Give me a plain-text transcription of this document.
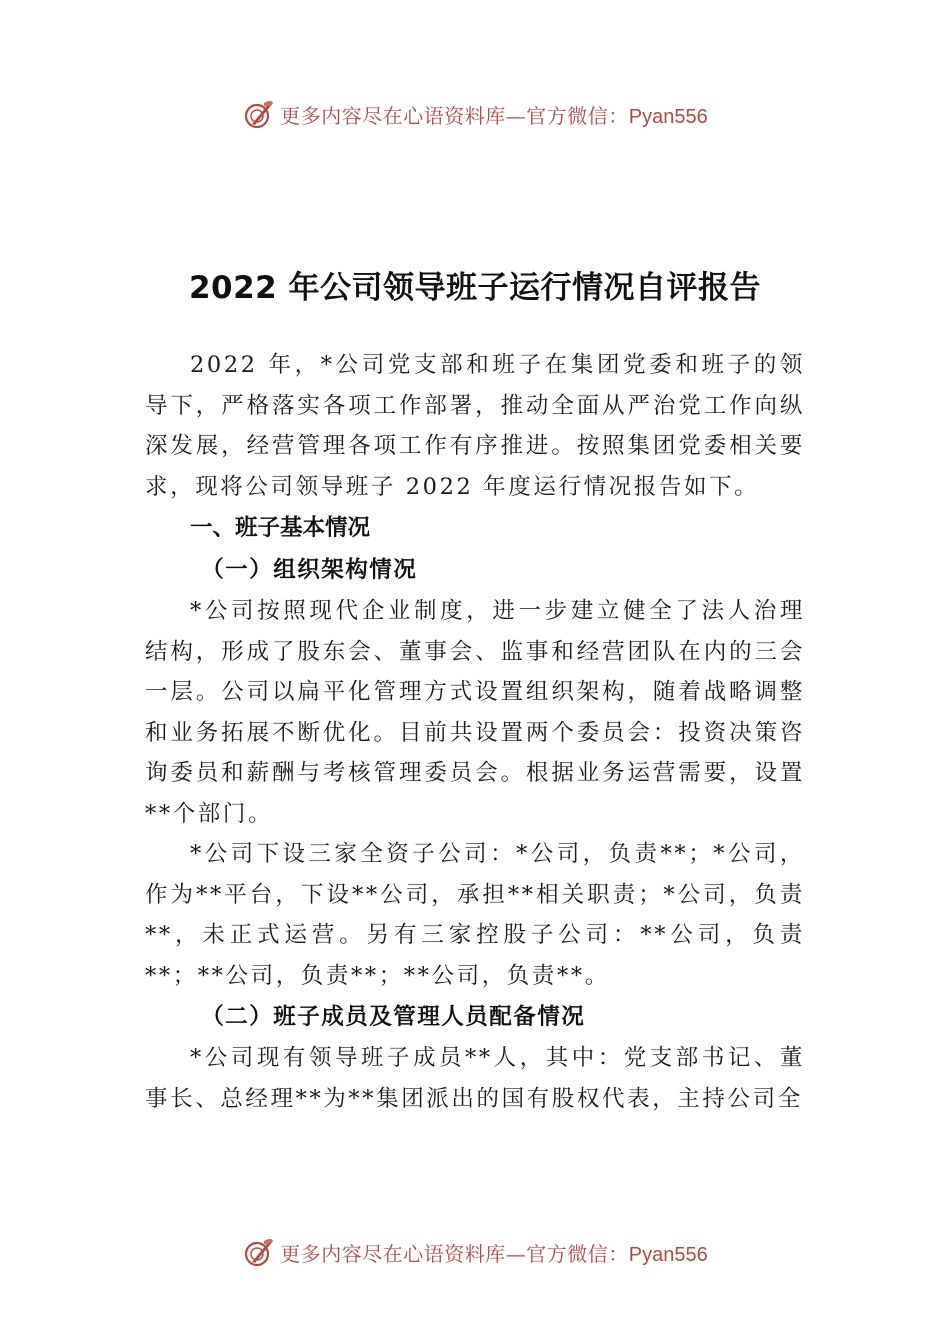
更多内容尽在心语资料库—官方微信：Pyan556
2022 年公司领导班子运行情况自评报告

2022 年，*公司党支部和班子在集团党委和班子的领导下，严格落实各项工作部署，推动全面从严治党工作向纵深发展，经营管理各项工作有序推进。按照集团党委相关要求，现将公司领导班子 2022 年度运行情况报告如下。

一、班子基本情况

（一）组织架构情况

*公司按照现代企业制度，进一步建立健全了法人治理结构，形成了股东会、董事会、监事和经营团队在内的三会一层。公司以扁平化管理方式设置组织架构，随着战略调整和业务拓展不断优化。目前共设置两个委员会：投资决策咨询委员和薪酬与考核管理委员会。根据业务运营需要，设置**个部门。

*公司下设三家全资子公司：*公司，负责**；*公司，作为**平台，下设**公司，承担**相关职责；*公司，负责**，未正式运营。另有三家控股子公司：**公司，负责**；**公司，负责**；**公司，负责**。

（二）班子成员及管理人员配备情况

*公司现有领导班子成员**人，其中：党支部书记、董事长、总经理**为**集团派出的国有股权代表，主持公司全

更多内容尽在心语资料库—官方微信：Pyan556
